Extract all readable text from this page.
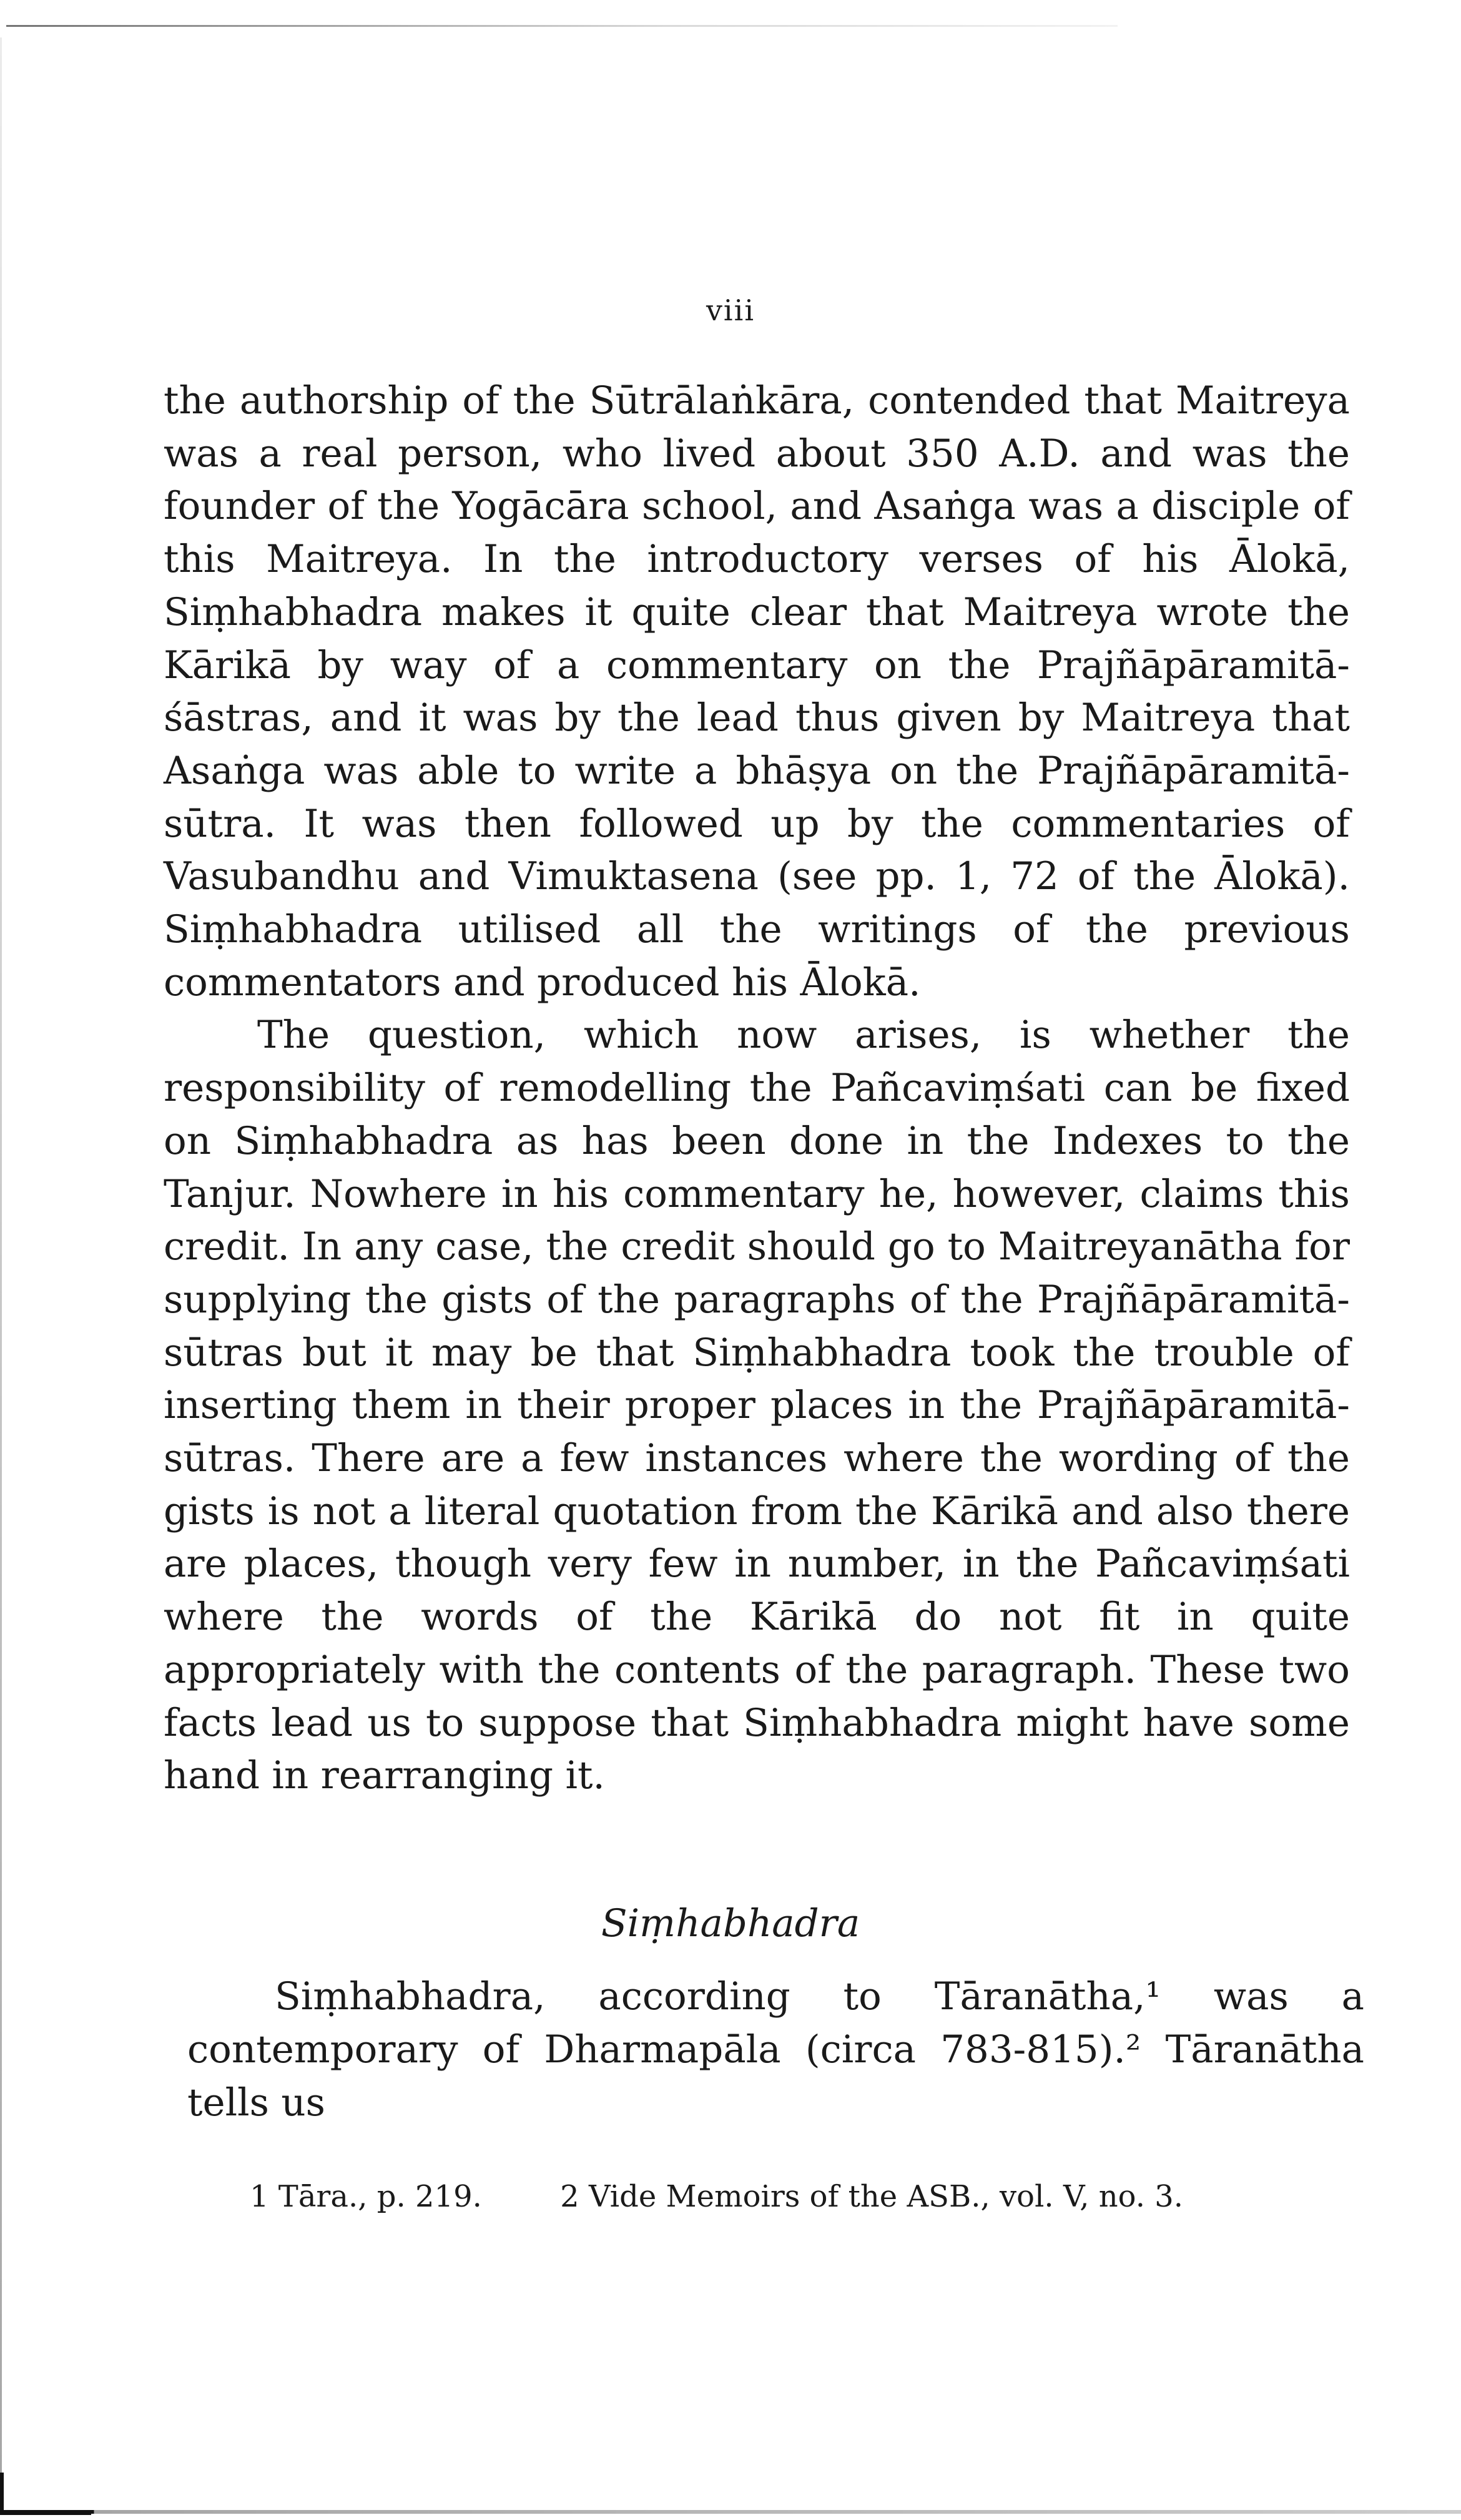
viii

the authorship of the Sūtrālaṅkāra, contended that Maitreya was a real person, who lived about 350 A.D. and was the founder of the Yogācāra school, and Asaṅga was a disciple of this Maitreya. In the introductory verses of his Ālokā, Siṃhabhadra makes it quite clear that Maitreya wrote the Kārikā by way of a commentary on the Prajñāpāramitā-śāstras, and it was by the lead thus given by Maitreya that Asaṅga was able to write a bhāṣya on the Prajñāpāramitā-sūtra. It was then followed up by the commentaries of Vasubandhu and Vimuktasena (see pp. 1, 72 of the Ālokā). Siṃhabhadra utilised all the writings of the previous commentators and produced his Ālokā.

The question, which now arises, is whether the responsibility of remodelling the Pañcaviṃśati can be fixed on Siṃhabhadra as has been done in the Indexes to the Tanjur. Nowhere in his commentary he, however, claims this credit. In any case, the credit should go to Maitreyanātha for supplying the gists of the paragraphs of the Prajñāpāramitā-sūtras but it may be that Siṃhabhadra took the trouble of inserting them in their proper places in the Prajñāpāramitā-sūtras. There are a few instances where the wording of the gists is not a literal quotation from the Kārikā and also there are places, though very few in number, in the Pañcaviṃśati where the words of the Kārikā do not fit in quite appropriately with the contents of the paragraph. These two facts lead us to suppose that Siṃhabhadra might have some hand in rearranging it.

Siṃhabhadra

Siṃhabhadra, according to Tāranātha,¹ was a contemporary of Dharmapāla (circa 783-815).² Tāranātha tells us

1 Tāra., p. 219.	2 Vide Memoirs of the ASB., vol. V, no. 3.
